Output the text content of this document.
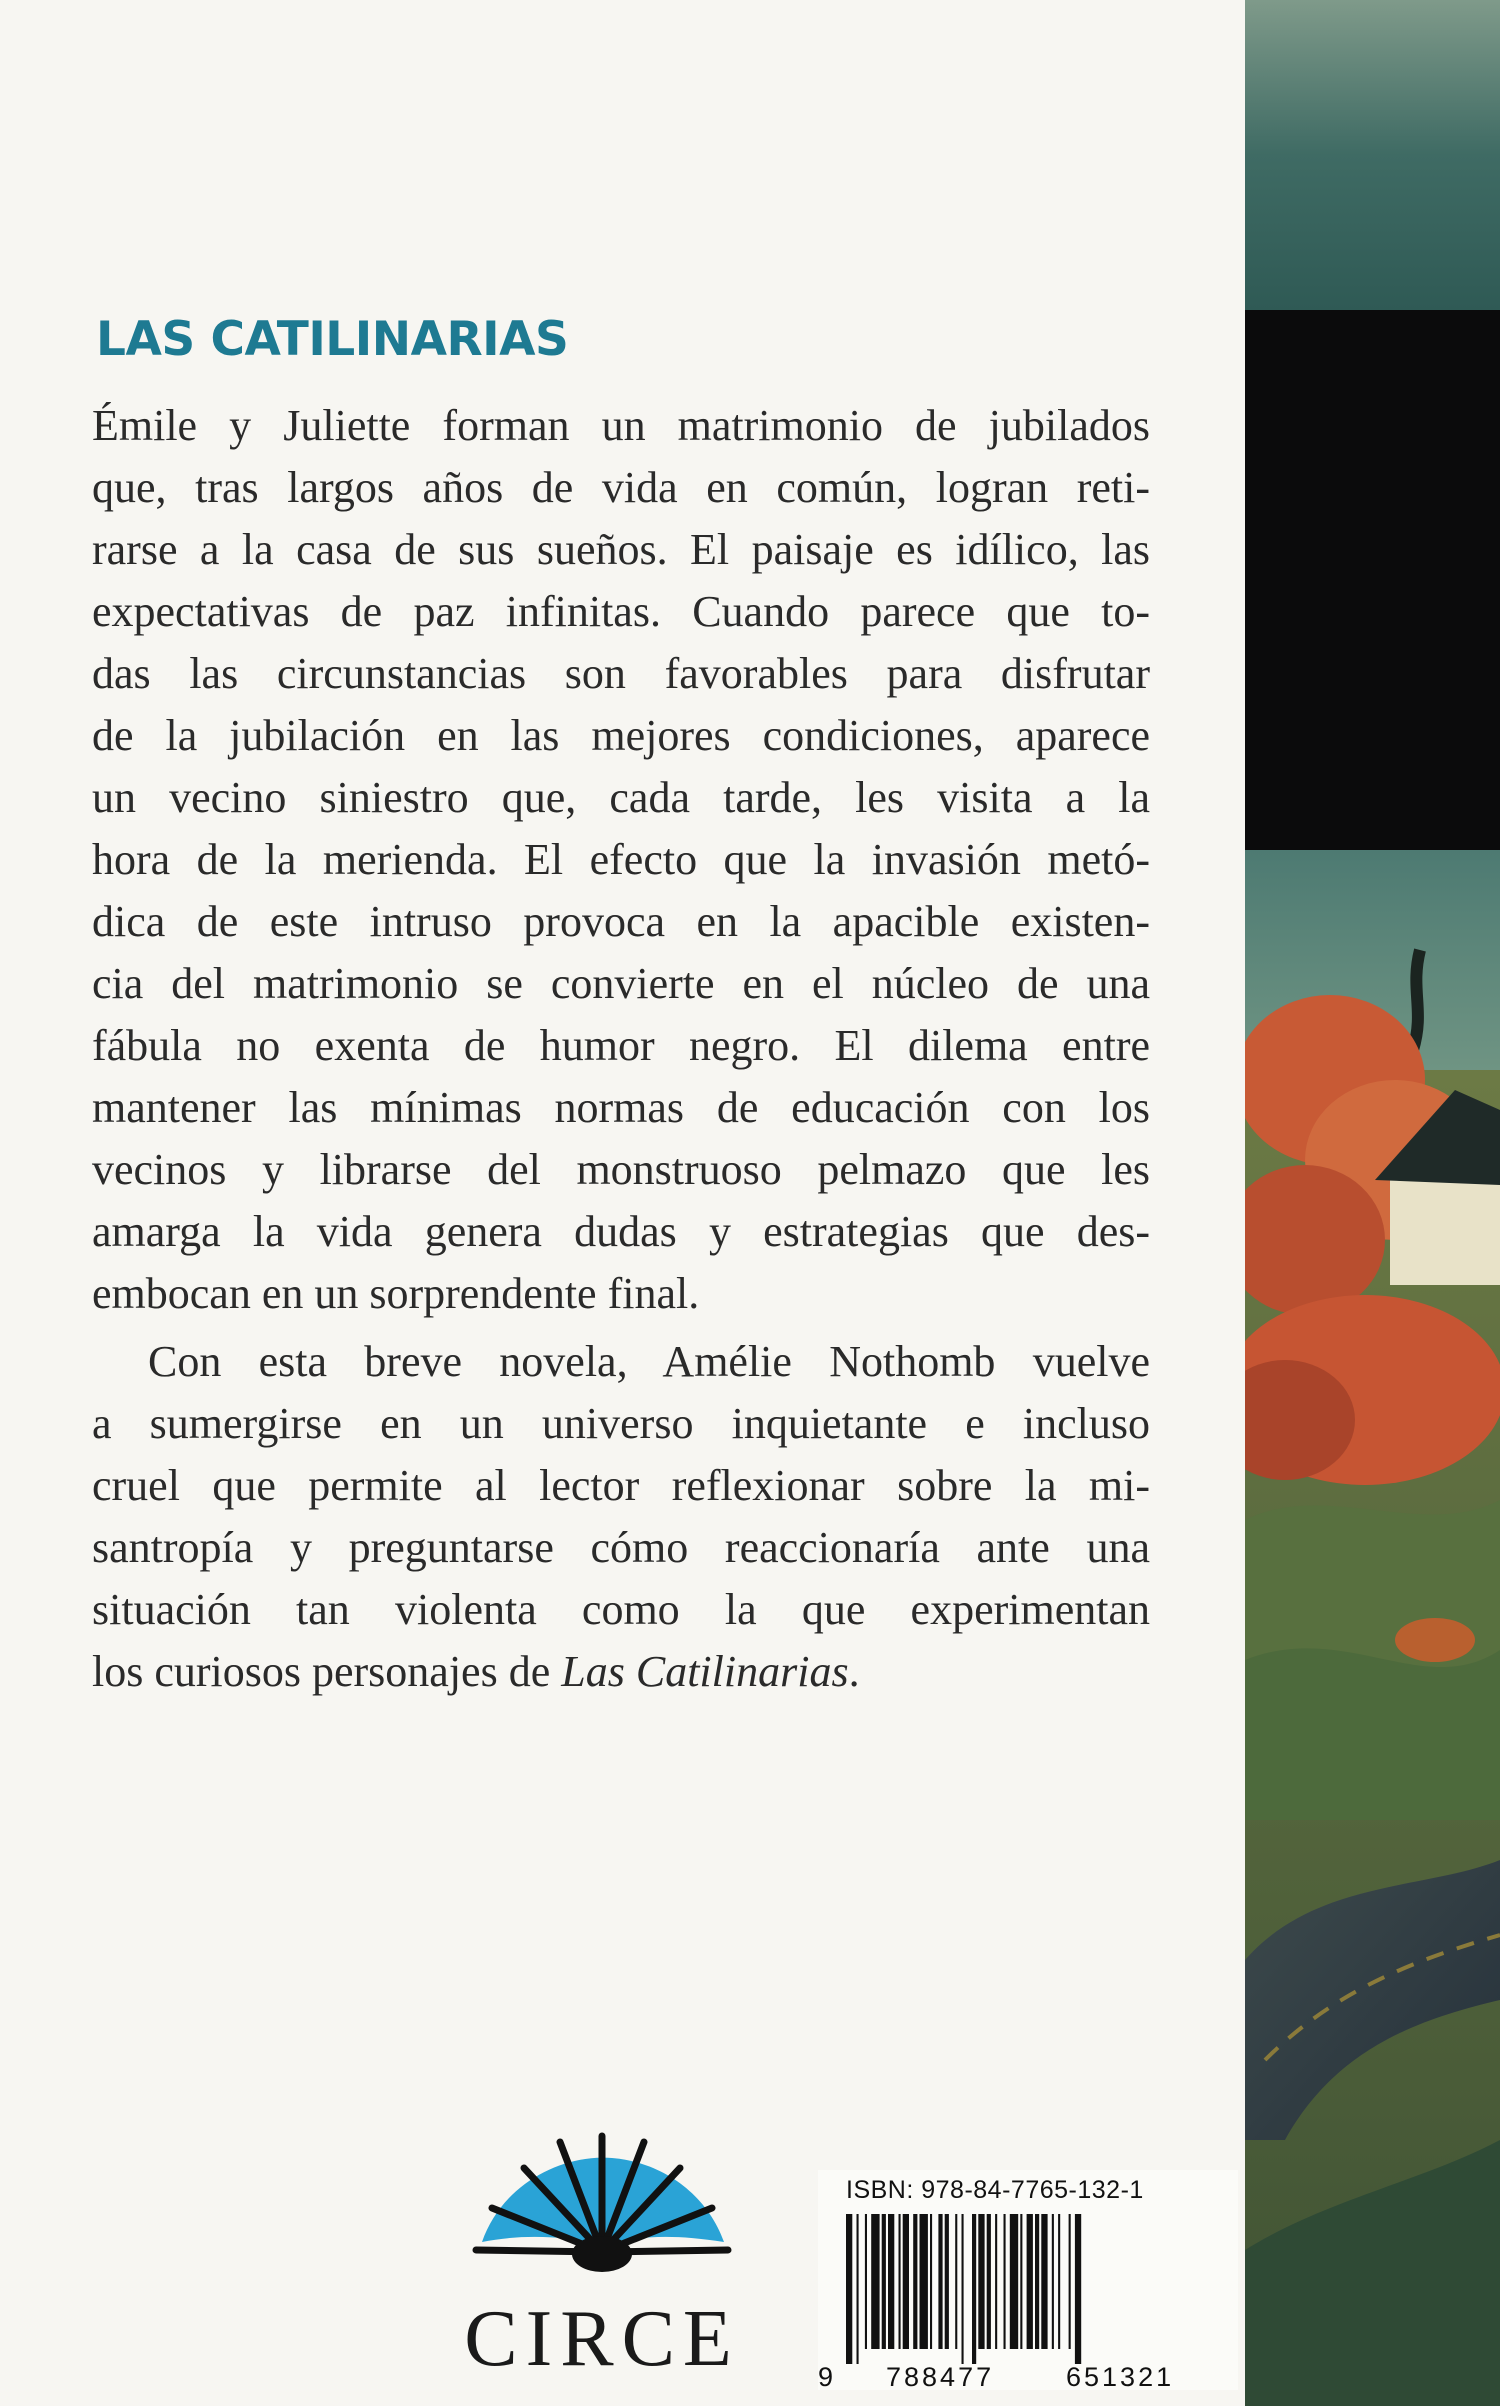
LAS CATILINARIAS
Émile y Juliette forman un matrimonio de jubilados
que, tras largos años de vida en común, logran reti-
rarse a la casa de sus sueños. El paisaje es idílico, las
expectativas de paz infinitas. Cuando parece que to-
das las circunstancias son favorables para disfrutar
de la jubilación en las mejores condiciones, aparece
un vecino siniestro que, cada tarde, les visita a la
hora de la merienda. El efecto que la invasión metó-
dica de este intruso provoca en la apacible existen-
cia del matrimonio se convierte en el núcleo de una
fábula no exenta de humor negro. El dilema entre
mantener las mínimas normas de educación con los
vecinos y librarse del monstruoso pelmazo que les
amarga la vida genera dudas y estrategias que des-
embocan en un sorprendente final.
Con esta breve novela, Amélie Nothomb vuelve
a sumergirse en un universo inquietante e incluso
cruel que permite al lector reflexionar sobre la mi-
santropía y preguntarse cómo reaccionaría ante una
situación tan violenta como la que experimentan
los curiosos personajes de Las Catilinarias.
CIRCE
ISBN: 978-84-7765-132-1
9 788477	651321
